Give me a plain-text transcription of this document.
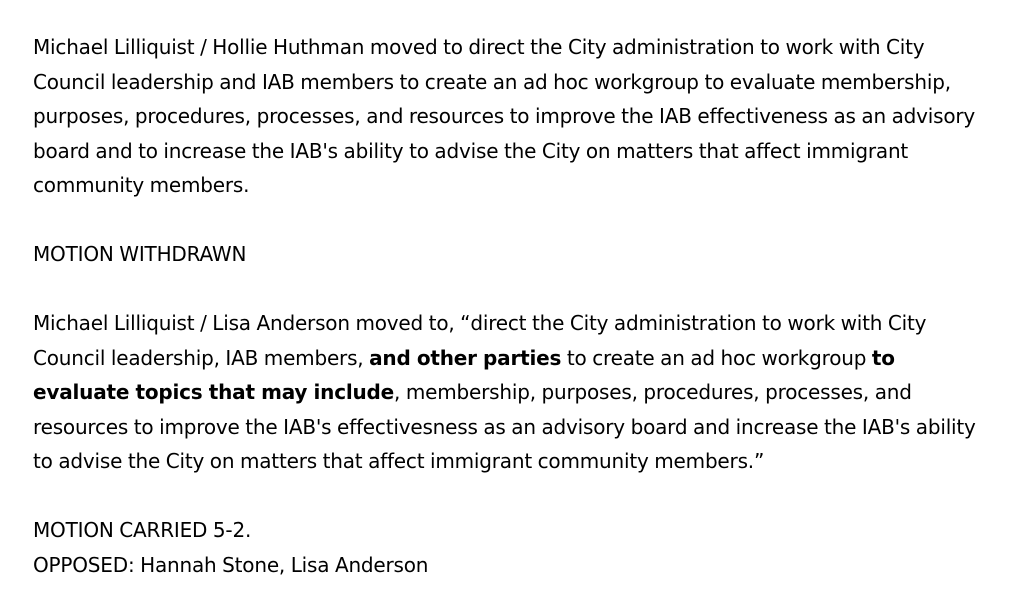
Michael Lilliquist / Hollie Huthman moved to direct the City administration to work with City Council leadership and IAB members to create an ad hoc workgroup to evaluate membership, purposes, procedures, processes, and resources to improve the IAB effectiveness as an advisory board and to increase the IAB's ability to advise the City on matters that affect immigrant community members.

MOTION WITHDRAWN

Michael Lilliquist / Lisa Anderson moved to, “direct the City administration to work with City Council leadership, IAB members, and other parties to create an ad hoc workgroup to evaluate topics that may include, membership, purposes, procedures, processes, and resources to improve the IAB's effectivesness as an advisory board and increase the IAB's ability to advise the City on matters that affect immigrant community members.”

MOTION CARRIED 5-2.

OPPOSED: Hannah Stone, Lisa Anderson
